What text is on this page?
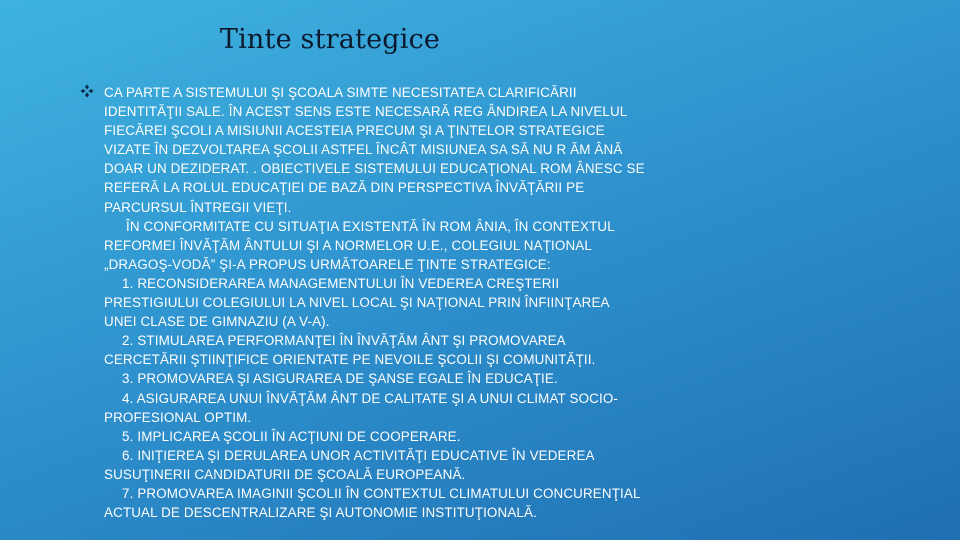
Tinte strategice
CA PARTE A SISTEMULUI ŞI ŞCOALA SIMTE NECESITATEA CLARIFICĂRII
IDENTITĂŢII SALE. ÎN ACEST SENS ESTE NECESARĂ REG ÂNDIREA LA NIVELUL
FIECĂREI ŞCOLI A MISIUNII ACESTEIA PRECUM ŞI A ŢINTELOR STRATEGICE
VIZATE ÎN DEZVOLTAREA ŞCOLII ASTFEL ÎNCÂT MISIUNEA SA SĂ NU R ĂM ÂNĂ
DOAR UN DEZIDERAT. . OBIECTIVELE SISTEMULUI EDUCAŢIONAL ROM ÂNESC SE
REFERĂ LA ROLUL EDUCAŢIEI DE BAZĂ DIN PERSPECTIVA ÎNVĂŢĂRII PE
PARCURSUL ÎNTREGII VIEŢI.
ÎN CONFORMITATE CU SITUAŢIA EXISTENTĂ ÎN ROM ÂNIA, ÎN CONTEXTUL
REFORMEI ÎNVĂŢĂM ÂNTULUI ŞI A NORMELOR U.E., COLEGIUL NAŢIONAL
„DRAGOŞ-VODĂ” ŞI-A PROPUS URMĂTOARELE ŢINTE STRATEGICE:
1. RECONSIDERAREA MANAGEMENTULUI ÎN VEDEREA CREŞTERII
PRESTIGIULUI COLEGIULUI LA NIVEL LOCAL ŞI NAŢIONAL PRIN ÎNFIINŢAREA
UNEI CLASE DE GIMNAZIU (A V-A).
2. STIMULAREA PERFORMANŢEI ÎN ÎNVĂŢĂM ÂNT ŞI PROMOVAREA
CERCETĂRII ŞTIINŢIFICE ORIENTATE PE NEVOILE ŞCOLII ŞI COMUNITĂŢII.
3. PROMOVAREA ŞI ASIGURAREA DE ŞANSE EGALE ÎN EDUCAŢIE.
4. ASIGURAREA UNUI ÎNVĂŢĂM ÂNT DE CALITATE ŞI A UNUI CLIMAT SOCIO-
PROFESIONAL OPTIM.
5. IMPLICAREA ŞCOLII ÎN ACŢIUNI DE COOPERARE.
6. INIŢIEREA ŞI DERULAREA UNOR ACTIVITĂŢI EDUCATIVE ÎN VEDEREA
SUSUŢINERII CANDIDATURII DE ŞCOALĂ EUROPEANĂ.
7. PROMOVAREA IMAGINII ŞCOLII ÎN CONTEXTUL CLIMATULUI CONCURENŢIAL
ACTUAL DE DESCENTRALIZARE ŞI AUTONOMIE INSTITUŢIONALĂ.
